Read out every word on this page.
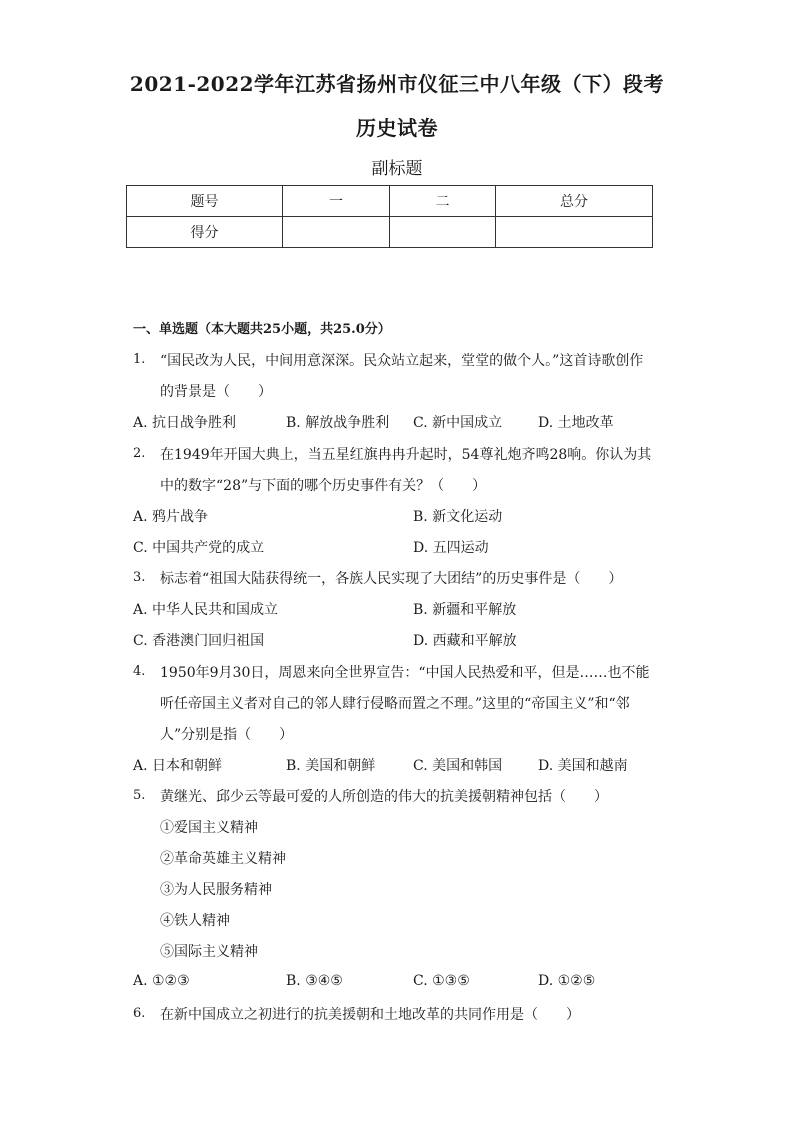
2021-2022学年江苏省扬州市仪征三中八年级（下）段考
历史试卷
副标题
题号	一	二	总分
得分			
一、单选题（本大题共25小题，共25.0分）
1. “国民改为人民，中间用意深深。民众站立起来，堂堂的做个人。”这首诗歌创作
的背景是（　　）
A. 抗日战争胜利	B. 解放战争胜利 C. 新中国成立	D. 土地改革
2. 在1949年开国大典上，当五星红旗冉冉升起时，54尊礼炮齐鸣28响。你认为其
中的数字“28”与下面的哪个历史事件有关？（　　）
A. 鸦片战争	B. 新文化运动
C. 中国共产党的成立	D. 五四运动
3. 标志着“祖国大陆获得统一，各族人民实现了大团结”的历史事件是（　　）
A. 中华人民共和国成立	B. 新疆和平解放
C. 香港澳门回归祖国	D. 西藏和平解放
4. 1950年9月30日，周恩来向全世界宣告：“中国人民热爱和平，但是……也不能
听任帝国主义者对自己的邻人肆行侵略而置之不理。”这里的“帝国主义”和“邻
人”分别是指（　　）
A. 日本和朝鲜	B. 美国和朝鲜	C. 美国和韩国	D. 美国和越南
5. 黄继光、邱少云等最可爱的人所创造的伟大的抗美援朝精神包括（　　）
①爱国主义精神
②革命英雄主义精神
③为人民服务精神
④铁人精神
⑤国际主义精神
A. ①②③	B. ③④⑤	C. ①③⑤	D. ①②⑤
6. 在新中国成立之初进行的抗美援朝和土地改革的共同作用是（　　）
